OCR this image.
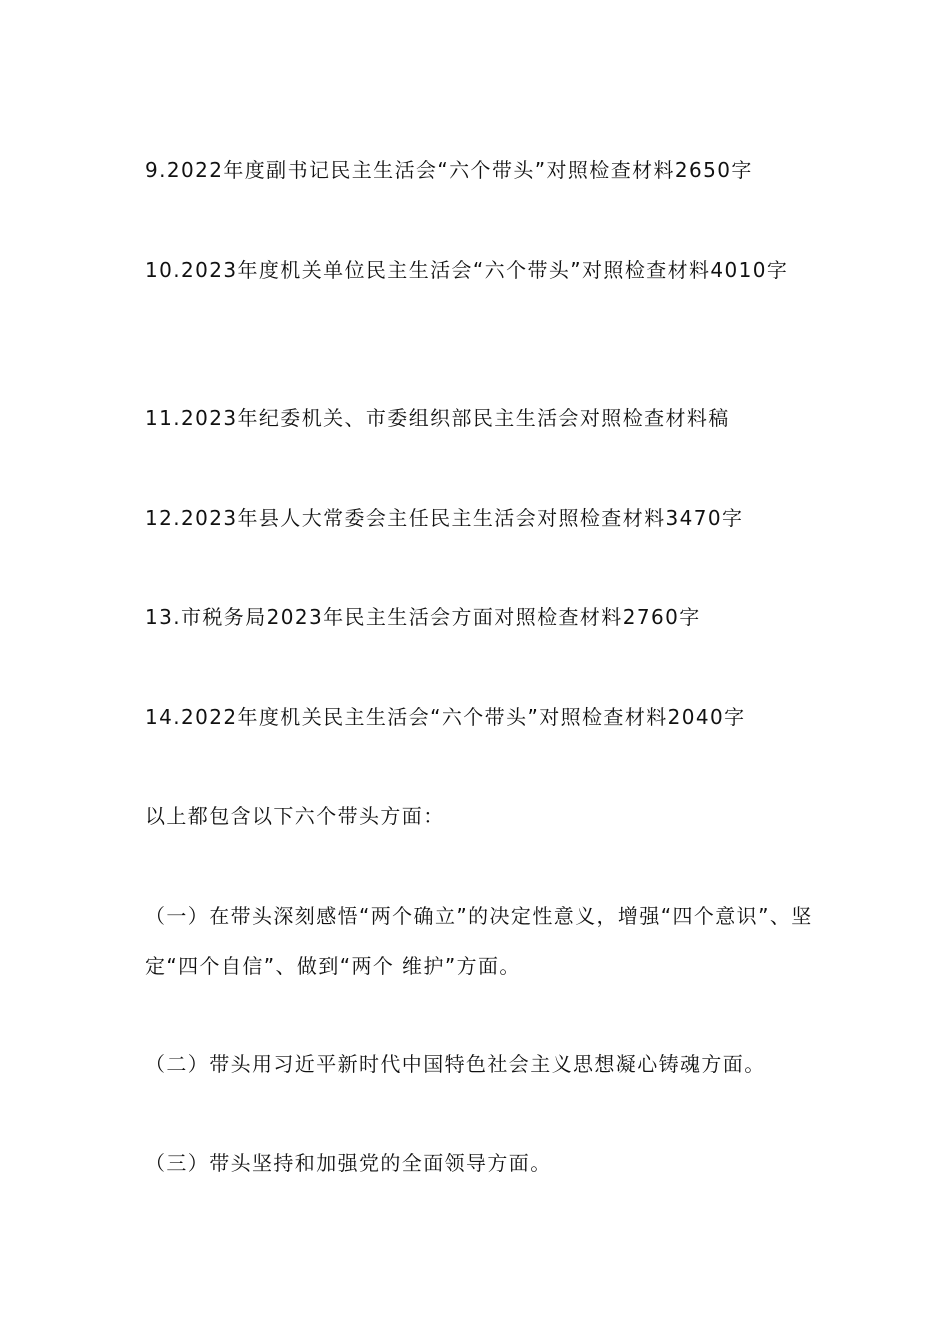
9.2022年度副书记民主生活会“六个带头”对照检查材料2650字

10.2023年度机关单位民主生活会“六个带头”对照检查材料4010字

11.2023年纪委机关、市委组织部民主生活会对照检查材料稿

12.2023年县人大常委会主任民主生活会对照检查材料3470字

13.市税务局2023年民主生活会方面对照检查材料2760字

14.2022年度机关民主生活会“六个带头”对照检查材料2040字

以上都包含以下六个带头方面：

（一）在带头深刻感悟“两个确立”的决定性意义，增强“四个意识”、坚定“四个自信”、做到“两个 维护”方面。

（二）带头用习近平新时代中国特色社会主义思想凝心铸魂方面。

（三）带头坚持和加强党的全面领导方面。
